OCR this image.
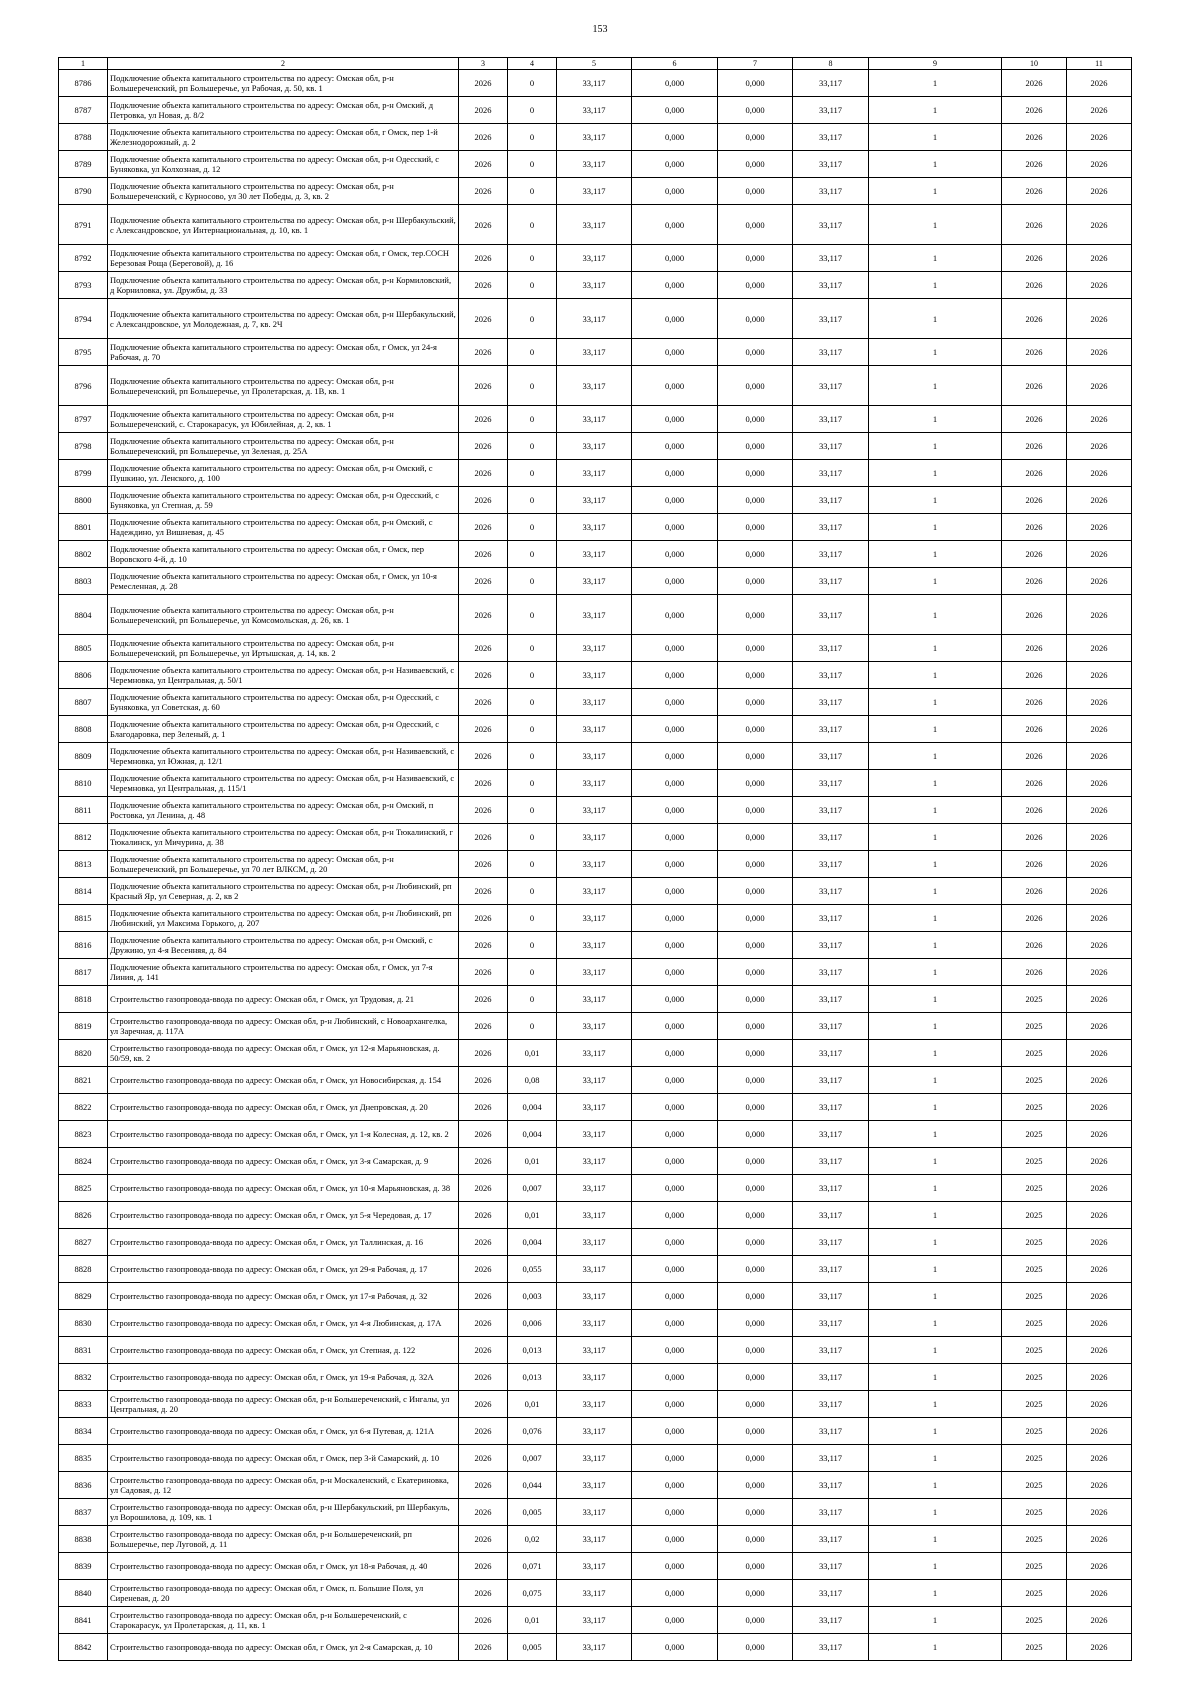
153
1	2	3	4	5	6	7	8	9	10	11
8786	Подключение объекта капитального строительства по адресу: Омская обл, р-н Большереченский, рп Большеречье, ул Рабочая, д. 50, кв. 1	2026	0	33,117	0,000	0,000	33,117	1	2026	2026
8787	Подключение объекта капитального строительства по адресу: Омская обл, р-н Омский, д Петровка, ул Новая, д. 8/2	2026	0	33,117	0,000	0,000	33,117	1	2026	2026
8788	Подключение объекта капитального строительства по адресу: Омская обл, г Омск, пер 1-й Железнодорожный, д. 2	2026	0	33,117	0,000	0,000	33,117	1	2026	2026
8789	Подключение объекта капитального строительства по адресу: Омская обл, р-н Одесский, с Буняковка, ул Колхозная, д. 12	2026	0	33,117	0,000	0,000	33,117	1	2026	2026
8790	Подключение объекта капитального строительства по адресу: Омская обл, р-н Большереченский, с Курносово, ул 30 лет Победы, д. 3, кв. 2	2026	0	33,117	0,000	0,000	33,117	1	2026	2026
8791	Подключение объекта капитального строительства по адресу: Омская обл, р-н Шербакульский, с Александровское, ул Интернациональная, д. 10, кв. 1	2026	0	33,117	0,000	0,000	33,117	1	2026	2026
8792	Подключение объекта капитального строительства по адресу: Омская обл, г Омск, тер.СОСН Березовая Роща (Береговой), д. 16	2026	0	33,117	0,000	0,000	33,117	1	2026	2026
8793	Подключение объекта капитального строительства по адресу: Омская обл, р-н Кормиловский, д Корниловка, ул. Дружбы, д. 33	2026	0	33,117	0,000	0,000	33,117	1	2026	2026
8794	Подключение объекта капитального строительства по адресу: Омская обл, р-н Шербакульский, с Александровское, ул Молодежная, д. 7, кв. 2Ч	2026	0	33,117	0,000	0,000	33,117	1	2026	2026
8795	Подключение объекта капитального строительства по адресу: Омская обл, г Омск, ул 24-я Рабочая, д. 70	2026	0	33,117	0,000	0,000	33,117	1	2026	2026
8796	Подключение объекта капитального строительства по адресу: Омская обл, р-н Большереченский, рп Большеречье, ул Пролетарская, д. 1В, кв. 1	2026	0	33,117	0,000	0,000	33,117	1	2026	2026
8797	Подключение объекта капитального строительства по адресу: Омская обл, р-н Большереченский, с. Старокарасук, ул Юбилейная, д. 2, кв. 1	2026	0	33,117	0,000	0,000	33,117	1	2026	2026
8798	Подключение объекта капитального строительства по адресу: Омская обл, р-н Большереченский, рп Большеречье, ул Зеленая, д. 25А	2026	0	33,117	0,000	0,000	33,117	1	2026	2026
8799	Подключение объекта капитального строительства по адресу: Омская обл, р-н Омский, с Пушкино, ул. Ленского, д. 100	2026	0	33,117	0,000	0,000	33,117	1	2026	2026
8800	Подключение объекта капитального строительства по адресу: Омская обл, р-н Одесский, с Буняковка, ул Степная, д. 59	2026	0	33,117	0,000	0,000	33,117	1	2026	2026
8801	Подключение объекта капитального строительства по адресу: Омская обл, р-н Омский, с Надеждино, ул Вишневая, д. 45	2026	0	33,117	0,000	0,000	33,117	1	2026	2026
8802	Подключение объекта капитального строительства по адресу: Омская обл, г Омск, пер Воровского 4-й, д. 10	2026	0	33,117	0,000	0,000	33,117	1	2026	2026
8803	Подключение объекта капитального строительства по адресу: Омская обл, г Омск, ул 10-я Ремесленная, д. 28	2026	0	33,117	0,000	0,000	33,117	1	2026	2026
8804	Подключение объекта капитального строительства по адресу: Омская обл, р-н Большереченский, рп Большеречье, ул Комсомольская, д. 26, кв. 1	2026	0	33,117	0,000	0,000	33,117	1	2026	2026
8805	Подключение объекта капитального строительства по адресу: Омская обл, р-н Большереченский, рп Большеречье, ул Иртышская, д. 14, кв. 2	2026	0	33,117	0,000	0,000	33,117	1	2026	2026
8806	Подключение объекта капитального строительства по адресу: Омская обл, р-н Називаевский, с Черемновка, ул Центральная, д. 50/1	2026	0	33,117	0,000	0,000	33,117	1	2026	2026
8807	Подключение объекта капитального строительства по адресу: Омская обл, р-н Одесский, с Буняковка, ул Советская, д. 60	2026	0	33,117	0,000	0,000	33,117	1	2026	2026
8808	Подключение объекта капитального строительства по адресу: Омская обл, р-н Одесский, с Благодаровка, пер Зеленый, д. 1	2026	0	33,117	0,000	0,000	33,117	1	2026	2026
8809	Подключение объекта капитального строительства по адресу: Омская обл, р-н Називаевский, с Черемновка, ул Южная, д. 12/1	2026	0	33,117	0,000	0,000	33,117	1	2026	2026
8810	Подключение объекта капитального строительства по адресу: Омская обл, р-н Називаевский, с Черемновка, ул Центральная, д. 115/1	2026	0	33,117	0,000	0,000	33,117	1	2026	2026
8811	Подключение объекта капитального строительства по адресу: Омская обл, р-н Омский, п Ростовка, ул Ленина, д. 48	2026	0	33,117	0,000	0,000	33,117	1	2026	2026
8812	Подключение объекта капитального строительства по адресу: Омская обл, р-н Тюкалинский, г Тюкалинск, ул Мичурина, д. 38	2026	0	33,117	0,000	0,000	33,117	1	2026	2026
8813	Подключение объекта капитального строительства по адресу: Омская обл, р-н Большереченский, рп Большеречье, ул 70 лет ВЛКСМ, д. 20	2026	0	33,117	0,000	0,000	33,117	1	2026	2026
8814	Подключение объекта капитального строительства по адресу: Омская обл, р-н Любинский, рп Красный Яр, ул Северная, д. 2, кв 2	2026	0	33,117	0,000	0,000	33,117	1	2026	2026
8815	Подключение объекта капитального строительства по адресу: Омская обл, р-н Любинский, рп Любинский, ул Максима Горького, д. 207	2026	0	33,117	0,000	0,000	33,117	1	2026	2026
8816	Подключение объекта капитального строительства по адресу: Омская обл, р-н Омский, с Дружино, ул 4-я Весенняя, д. 84	2026	0	33,117	0,000	0,000	33,117	1	2026	2026
8817	Подключение объекта капитального строительства по адресу: Омская обл, г Омск, ул 7-я Линия, д. 141	2026	0	33,117	0,000	0,000	33,117	1	2026	2026
8818	Строительство газопровода-ввода по адресу: Омская обл, г Омск, ул Трудовая, д. 21	2026	0	33,117	0,000	0,000	33,117	1	2025	2026
8819	Строительство газопровода-ввода по адресу: Омская обл, р-н Любинский, с Новоархангелка, ул Заречная, д. 117А	2026	0	33,117	0,000	0,000	33,117	1	2025	2026
8820	Строительство газопровода-ввода по адресу: Омская обл, г Омск, ул 12-я Марьяновская, д. 50/59, кв. 2	2026	0,01	33,117	0,000	0,000	33,117	1	2025	2026
8821	Строительство газопровода-ввода по адресу: Омская обл, г Омск, ул Новосибирская, д. 154	2026	0,08	33,117	0,000	0,000	33,117	1	2025	2026
8822	Строительство газопровода-ввода по адресу: Омская обл, г Омск, ул Днепровская, д. 20	2026	0,004	33,117	0,000	0,000	33,117	1	2025	2026
8823	Строительство газопровода-ввода по адресу: Омская обл, г Омск, ул 1-я Колесная, д. 12, кв. 2	2026	0,004	33,117	0,000	0,000	33,117	1	2025	2026
8824	Строительство газопровода-ввода по адресу: Омская обл, г Омск, ул 3-я Самарская, д. 9	2026	0,01	33,117	0,000	0,000	33,117	1	2025	2026
8825	Строительство газопровода-ввода по адресу: Омская обл, г Омск, ул 10-я Марьяновская, д. 38	2026	0,007	33,117	0,000	0,000	33,117	1	2025	2026
8826	Строительство газопровода-ввода по адресу: Омская обл, г Омск, ул 5-я Чередовая, д. 17	2026	0,01	33,117	0,000	0,000	33,117	1	2025	2026
8827	Строительство газопровода-ввода по адресу: Омская обл, г Омск, ул Таллинская, д. 16	2026	0,004	33,117	0,000	0,000	33,117	1	2025	2026
8828	Строительство газопровода-ввода по адресу: Омская обл, г Омск, ул 29-я Рабочая, д. 17	2026	0,055	33,117	0,000	0,000	33,117	1	2025	2026
8829	Строительство газопровода-ввода по адресу: Омская обл, г Омск, ул 17-я Рабочая, д. 32	2026	0,003	33,117	0,000	0,000	33,117	1	2025	2026
8830	Строительство газопровода-ввода по адресу: Омская обл, г Омск, ул 4-я Любинская, д. 17А	2026	0,006	33,117	0,000	0,000	33,117	1	2025	2026
8831	Строительство газопровода-ввода по адресу: Омская обл, г Омск, ул Степная, д. 122	2026	0,013	33,117	0,000	0,000	33,117	1	2025	2026
8832	Строительство газопровода-ввода по адресу: Омская обл, г Омск, ул 19-я Рабочая, д. 32А	2026	0,013	33,117	0,000	0,000	33,117	1	2025	2026
8833	Строительство газопровода-ввода по адресу: Омская обл, р-н Большереченский, с Ингалы, ул Центральная, д. 20	2026	0,01	33,117	0,000	0,000	33,117	1	2025	2026
8834	Строительство газопровода-ввода по адресу: Омская обл, г Омск, ул 6-я Путевая, д. 121А	2026	0,076	33,117	0,000	0,000	33,117	1	2025	2026
8835	Строительство газопровода-ввода по адресу: Омская обл, г Омск, пер 3-й Самарский, д. 10	2026	0,007	33,117	0,000	0,000	33,117	1	2025	2026
8836	Строительство газопровода-ввода по адресу: Омская обл, р-н Москаленский, с Екатериновка, ул Садовая, д. 12	2026	0,044	33,117	0,000	0,000	33,117	1	2025	2026
8837	Строительство газопровода-ввода по адресу: Омская обл, р-н Шербакульский, рп Шербакуль, ул Ворошилова, д. 109, кв. 1	2026	0,005	33,117	0,000	0,000	33,117	1	2025	2026
8838	Строительство газопровода-ввода по адресу: Омская обл, р-н Большереченский, рп Большеречье, пер Луговой, д. 11	2026	0,02	33,117	0,000	0,000	33,117	1	2025	2026
8839	Строительство газопровода-ввода по адресу: Омская обл, г Омск, ул 18-я Рабочая, д. 40	2026	0,071	33,117	0,000	0,000	33,117	1	2025	2026
8840	Строительство газопровода-ввода по адресу: Омская обл, г Омск, п. Большие Поля, ул Сиреневая, д. 20	2026	0,075	33,117	0,000	0,000	33,117	1	2025	2026
8841	Строительство газопровода-ввода по адресу: Омская обл, р-н Большереченский, с Старокарасук, ул Пролетарская, д. 11, кв. 1	2026	0,01	33,117	0,000	0,000	33,117	1	2025	2026
8842	Строительство газопровода-ввода по адресу: Омская обл, г Омск, ул 2-я Самарская, д. 10	2026	0,005	33,117	0,000	0,000	33,117	1	2025	2026
